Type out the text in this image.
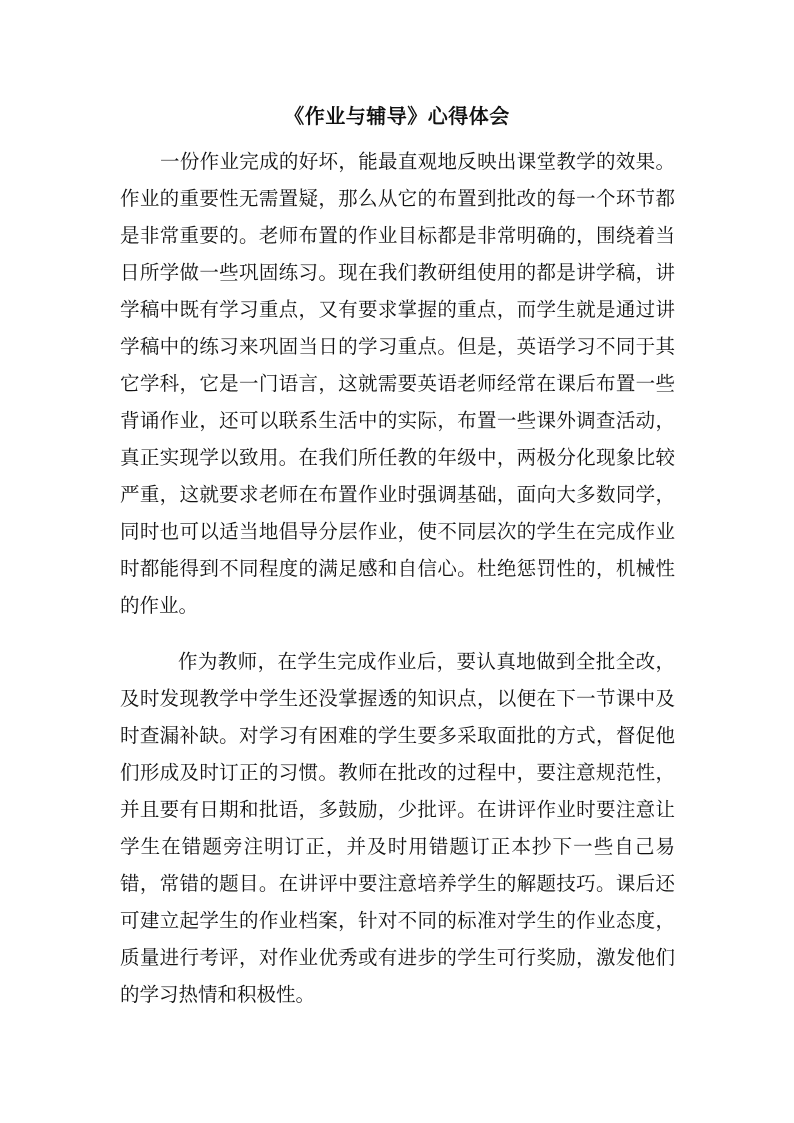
《作业与辅导》心得体会

一份作业完成的好坏，能最直观地反映出课堂教学的效果。作业的重要性无需置疑，那么从它的布置到批改的每一个环节都是非常重要的。老师布置的作业目标都是非常明确的，围绕着当日所学做一些巩固练习。现在我们教研组使用的都是讲学稿，讲学稿中既有学习重点，又有要求掌握的重点，而学生就是通过讲学稿中的练习来巩固当日的学习重点。但是，英语学习不同于其它学科，它是一门语言，这就需要英语老师经常在课后布置一些背诵作业，还可以联系生活中的实际，布置一些课外调查活动，真正实现学以致用。在我们所任教的年级中，两极分化现象比较严重，这就要求老师在布置作业时强调基础，面向大多数同学，同时也可以适当地倡导分层作业，使不同层次的学生在完成作业时都能得到不同程度的满足感和自信心。杜绝惩罚性的，机械性的作业。

作为教师，在学生完成作业后，要认真地做到全批全改，及时发现教学中学生还没掌握透的知识点，以便在下一节课中及时查漏补缺。对学习有困难的学生要多采取面批的方式，督促他们形成及时订正的习惯。教师在批改的过程中，要注意规范性，并且要有日期和批语，多鼓励，少批评。在讲评作业时要注意让学生在错题旁注明订正，并及时用错题订正本抄下一些自己易错，常错的题目。在讲评中要注意培养学生的解题技巧。课后还可建立起学生的作业档案，针对不同的标准对学生的作业态度，质量进行考评，对作业优秀或有进步的学生可行奖励，激发他们的学习热情和积极性。
